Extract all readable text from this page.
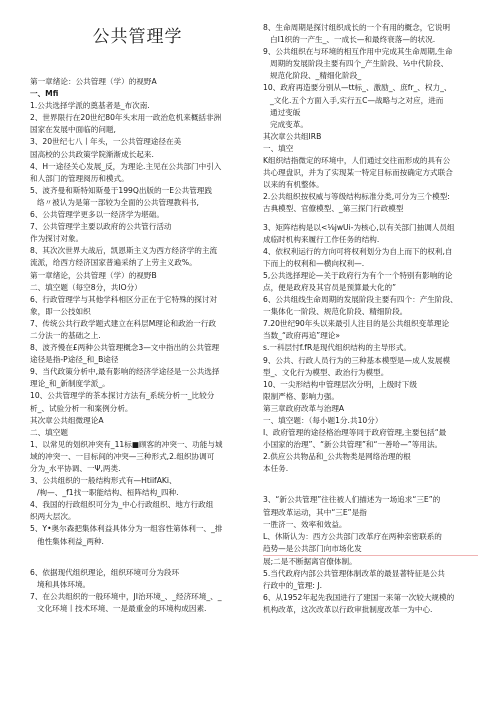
公共管理学
第一章绪论：公共管理（学）的视野A
一、Mfi
1.公共选择学派的奠基者是_布次南.
2、世界限行在20世纪80年头末用一政治危机来概括非洲
国家在发展中面临的问题,
3、20世纪七八丨年头，一公共管理途径在美
国高校的公共政策学院渐渐成长起来.
4、H一途径关心发展_反，为理论.主见在公共部门中引入
和人部门的管理阅历和模式。
5、波齐曼和斯特知斯曼于199Q出版的一E公共管理践
络〃被认为是第一部较为全面的公共管理教科书,
6、公共管理学更多以一经济学为堪础。
7、公共管理学主要以政府的公共管行活动
作为探讨对象。
8、其次次世界大战后，凯恩斯主义为西方经济学的主流
流派，给西方经济国家普遍采纳了上劳主义政%。
第一章绪论，公共管理（学）的视野B
二、填空题（每空8分，共IO分）
6、行政管理学与其他学科相区分正在于它特殊的探讨对
象，即一公技如织
7、传统公共行政学题式建立在科层M理论和政治一行政
二分法一的基础之上.
8、波齐慢在£两种公共管理概念3—文中指出的公共管理
途径是指-P途径_和_B途径
9、当代政策分析中,最有影响的经济学途径是一公共选择
理论_和_新制度学派_。
10、公共管理学的茶本探讨方法有_系统分析一_比较分
析_、试验分析一和案例分析。
其次章公共组微理论A
二、填空题
1、以常见的划织冲突有_11标■顾客的冲突一、功能与城
域的冲突一、一目标间的冲突—三种形式,2.组织协调可
分为_水平协调、一Ψ,两类.
3、公共组织的一般结构形式有—HtiifAKi、
/枸—、_f1找一职能结构、桓阵结构_四种.
4、我国的行政组织可分为_中心行政组织、地方行政组
织两大层次。
5、Y•奥尔森把集体利益具体分为一组容性第体利一、_排
他性集体利益_两种.
6、依据现代组织理论，组织环境可分为段环
境和具体环境。
7、在公共组织的一般环境中，JI治环境_、_经济环境_、_
文化环境丨技术环境、一是最重金的环境构成因素.
8、生命周期是探讨组织成长的一个有用的概念，它说明
白I1织的一产生_、一成长—和最终衰落—的状况.
9、公共组织在与环境的相互作用中完成其生命周期,生命
周期的发展阶段主要有四个_产生阶段、½中代阶段、
规范化阶段、_精细化阶段_
10、政府再造要分别从—tt标_、激励_、庶fr_、权力_、
_文化.五个方面入手,实行五C—战略与之对应，进而
通过变皈
完成变革。
其次章公共组IRB
一、填空
K组织结指微定的环境中，人们通过交往而形成的具有公
共心理盘识，并为了实现某一特定目标而按确定方式联合
以来的有机整体。
2.公共组织按权威与等级结构标准分类,可分为三个模型:
古典模型、官僚模型、_第三探门行政模型
3、矩阵结构是以<⅛jwUi-为核心,以有关部门抽调人员组
成临时机构来履行工作任务的结构.
4、依权利运行的方向可将权利划分为自上而下的权利,自
下而上的权利和—横向权利—.
5,公共选择理论—关于政府行为有个一个特别有影响的论
点，便是政府及其官员是预算最大化的”
6、公共组线生命周期的发展阶段主要有四个：产生阶段、
一集体化一阶段、规范化阶段、精细阶段。
7.20世纪90年头以来最引人注目的是公共组织变革理论
当数_“政府再追”理论»
s.一科层忖f.fR是现代组织结构的主导形式。
9、公共、行政人员行为的三种基本模型是—成人发展模
型_、文化行为模型、政治行为模型。
10、一尖形结构中管理层次分明，上级时下级
限制严格、影响力强。
第三章政府改革与治理A
一、填空题：（每小题1分.共10分）
I、政府管理的途径格治理等同于政府管理,主要包括“最
小国家的治理”、“新公共管理”和“一善哈—”等用法。
2.供应公共物品和_公共物类是网络治理的根
本任务.
3、“新公共管理”往往被人们描述为一场追求“三E”的
管理改革运动，其中“三E”是指
一胜济一、效率和效益。
L、休斯认为：西方公共部门改革疗在两种亲密联系的
趋势—是公共部门向市场化发
展;二是不断据离官僚体制。
5.当代政府内部公共管理体制改革的最显著特征是公共
行政中的_管理: J.
6、从1952年起先我国进行了建国一来第一次较大规模的
机构改革，这次改革以行政审批制度改革一为中心.
